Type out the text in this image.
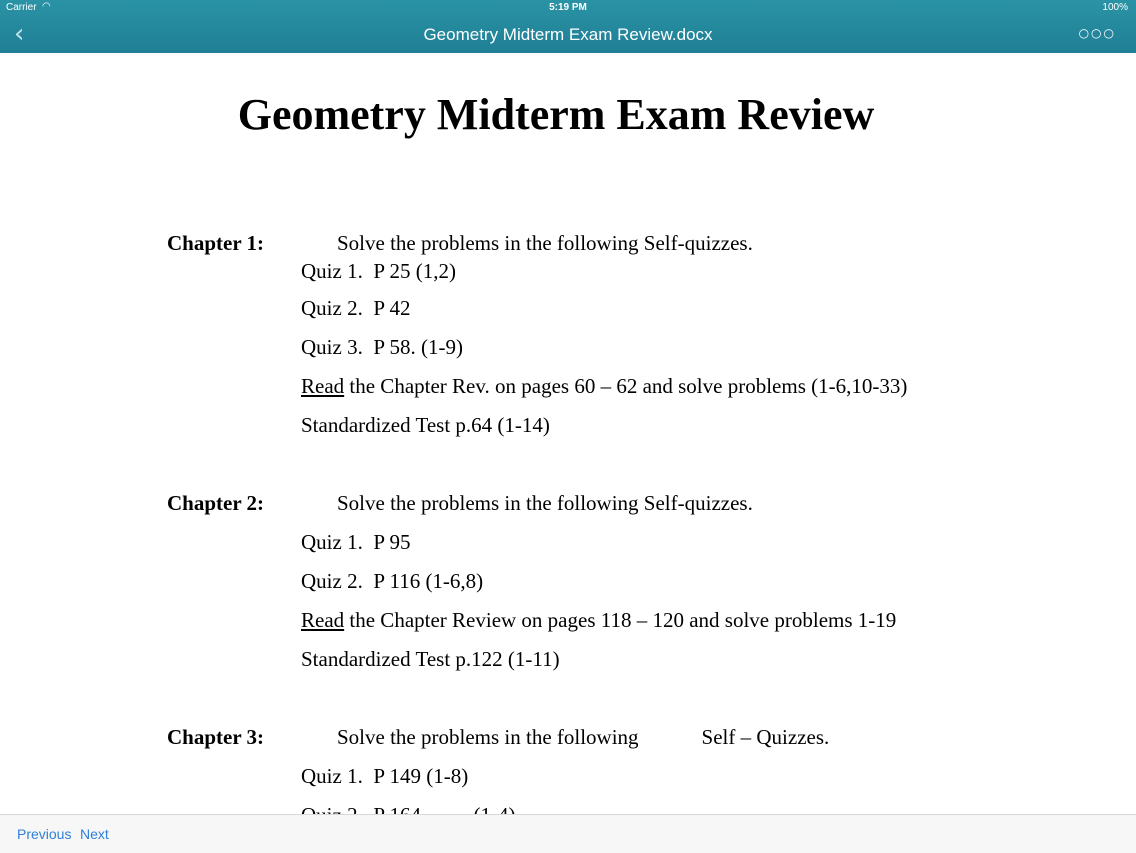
Carrier ◠	5:19 PM	100%
‹	Geometry Midterm Exam Review.docx	○○○
Geometry Midterm Exam Review
Chapter 1:	Solve the problems in the following Self-quizzes.
Quiz 1.  P 25 (1,2)
Quiz 2.  P 42
Quiz 3.  P 58. (1-9)
Read the Chapter Rev. on pages 60 – 62 and solve problems (1-6,10-33)
Standardized Test p.64 (1-14)
Chapter 2:	Solve the problems in the following Self-quizzes.
Quiz 1.  P 95
Quiz 2.  P 116 (1-6,8)
Read the Chapter Review on pages 118 – 120 and solve problems 1-19
Standardized Test p.122 (1-11)
Chapter 3:	Solve the problems in the following            Self – Quizzes.
Quiz 1.  P 149 (1-8)
Previous Next
